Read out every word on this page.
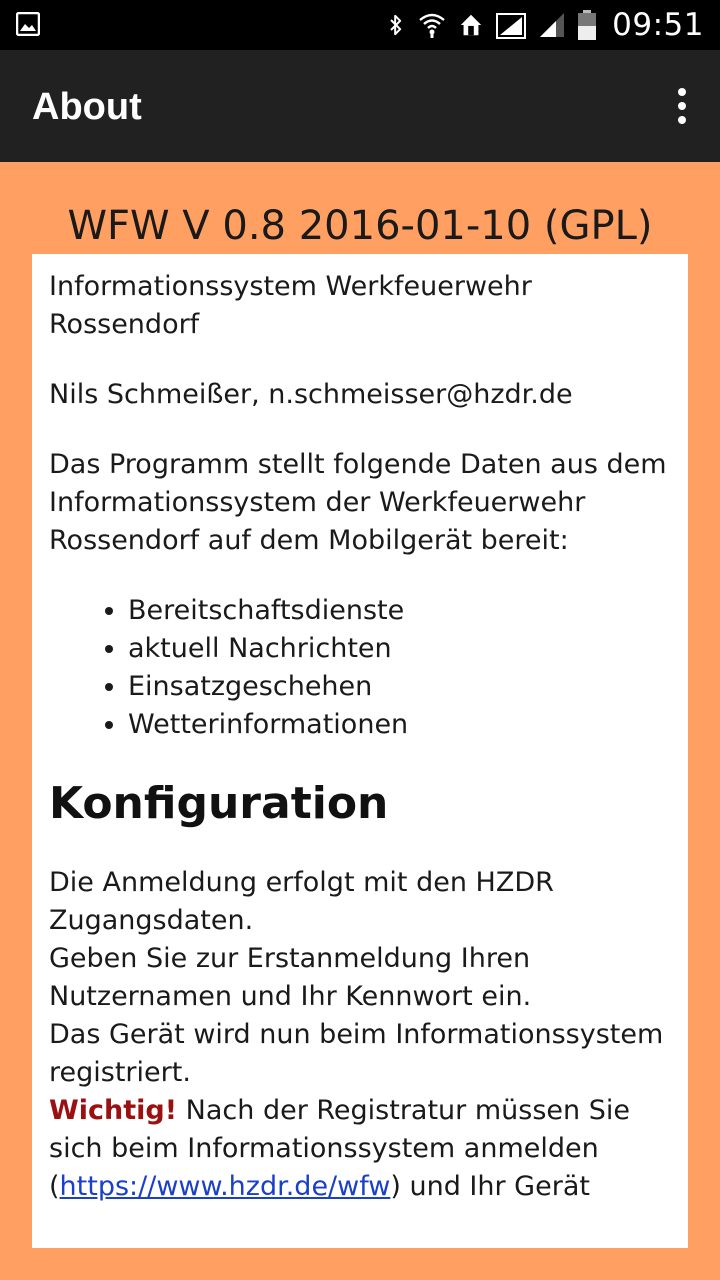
09:51
About
WFW V 0.8 2016-01-10 (GPL)

Informationssystem Werkfeuerwehr Rossendorf

Nils Schmeißer, n.schmeisser@hzdr.de

Das Programm stellt folgende Daten aus dem Informationssystem der Werkfeuerwehr Rossendorf auf dem Mobilgerät bereit:

• Bereitschaftsdienste
• aktuell Nachrichten
• Einsatzgeschehen
• Wetterinformationen
Konfiguration
Die Anmeldung erfolgt mit den HZDR Zugangsdaten.
Geben Sie zur Erstanmeldung Ihren Nutzernamen und Ihr Kennwort ein.
Das Gerät wird nun beim Informationssystem registriert.
Wichtig! Nach der Registratur müssen Sie sich beim Informationssystem anmelden (https://www.hzdr.de/wfw) und Ihr Gerät
